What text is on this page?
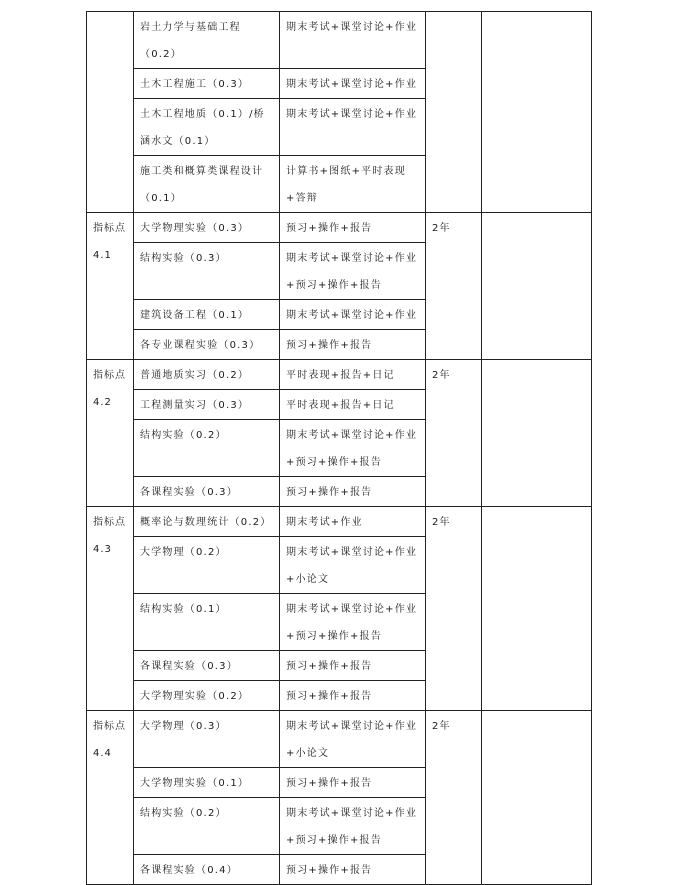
	岩土力学与基础工程（0.2）	期末考试+课堂讨论+作业		
	土木工程施工（0.3）	期末考试+课堂讨论+作业		
	土木工程地质（0.1）/桥涵水文（0.1）	期末考试+课堂讨论+作业		
	施工类和概算类课程设计（0.1）	计算书+图纸+平时表现+答辩		

指标点
4.1	大学物理实验（0.3）	预习+操作+报告	2年	
	结构实验（0.3）	期末考试+课堂讨论+作业+预习+操作+报告		
	建筑设备工程（0.1）	期末考试+课堂讨论+作业		
	各专业课程实验（0.3）	预习+操作+报告		

指标点
4.2	普通地质实习（0.2）	平时表现+报告+日记	2年	
	工程测量实习（0.3）	平时表现+报告+日记		
	结构实验（0.2）	期末考试+课堂讨论+作业+预习+操作+报告		
	各课程实验（0.3）	预习+操作+报告		

指标点
4.3	概率论与数理统计（0.2）	期末考试+作业	2年	
	大学物理（0.2）	期末考试+课堂讨论+作业+小论文		
	结构实验（0.1）	期末考试+课堂讨论+作业+预习+操作+报告		
	各课程实验（0.3）	预习+操作+报告		
	大学物理实验（0.2）	预习+操作+报告		

指标点
4.4	大学物理（0.3）	期末考试+课堂讨论+作业+小论文	2年	
	大学物理实验（0.1）	预习+操作+报告		
	结构实验（0.2）	期末考试+课堂讨论+作业+预习+操作+报告		
	各课程实验（0.4）	预习+操作+报告		
